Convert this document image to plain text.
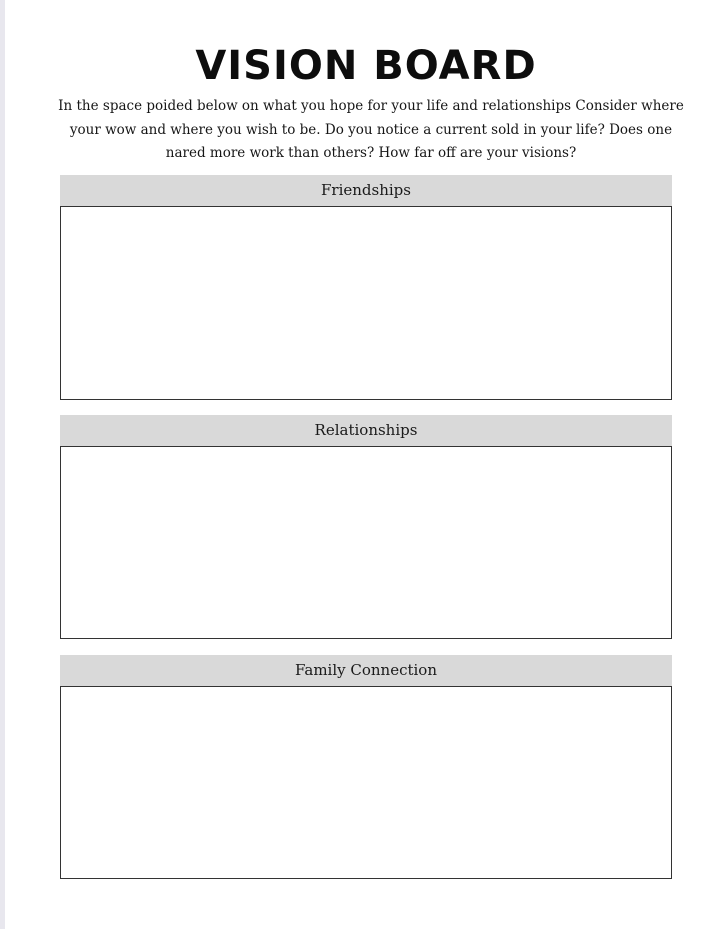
VISION BOARD

In the space poided below on what you hope for your life and relationships Consider where your wow and where you wish to be. Do you notice a current sold in your life? Does one nared more work than others? How far off are your visions?

Friendships
Relationships
Family Connection
